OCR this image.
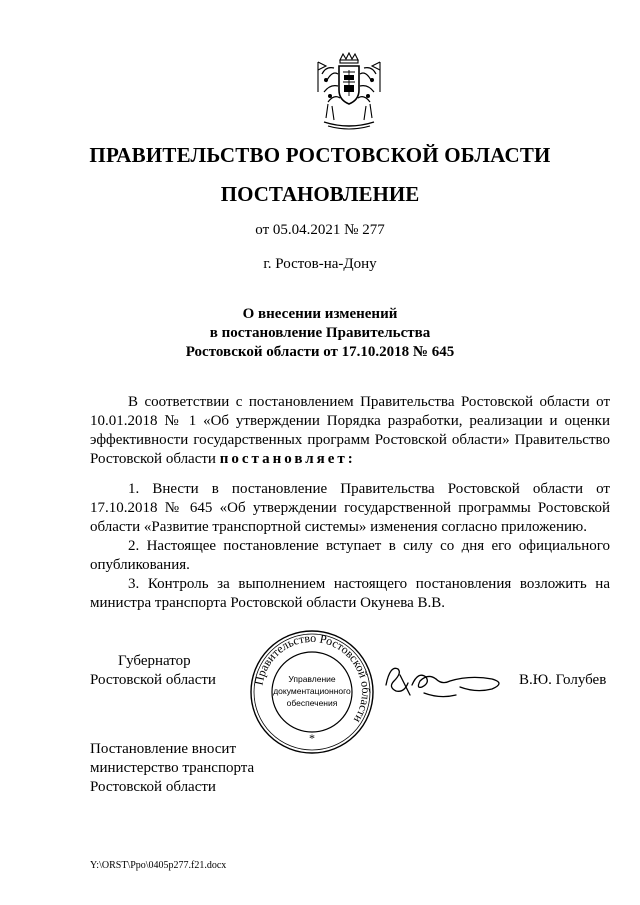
ПРАВИТЕЛЬСТВО РОСТОВСКОЙ ОБЛАСТИ
ПОСТАНОВЛЕНИЕ
от 05.04.2021 № 277
г. Ростов-на-Дону
О внесении изменений
в постановление Правительства
Ростовской области от 17.10.2018 № 645

В соответствии с постановлением Правительства Ростовской области от 10.01.2018 № 1 «Об утверждении Порядка разработки, реализации и оценки эффективности государственных программ Ростовской области» Правительство Ростовской области постановляет:

1. Внести в постановление Правительства Ростовской области от 17.10.2018 № 645 «Об утверждении государственной программы Ростовской области «Развитие транспортной системы» изменения согласно приложению.

2. Настоящее постановление вступает в силу со дня его официального опубликования.

3. Контроль за выполнением настоящего постановления возложить на министра транспорта Ростовской области Окунева В.В.

Губернатор
Ростовской области	Правительство Ростовской области
Управление
документационного
обеспечения
*
В.Ю. Голубев
Постановление вносит
министерство транспорта
Ростовской области
Y:\ORST\Ppo\0405p277.f21.docx
